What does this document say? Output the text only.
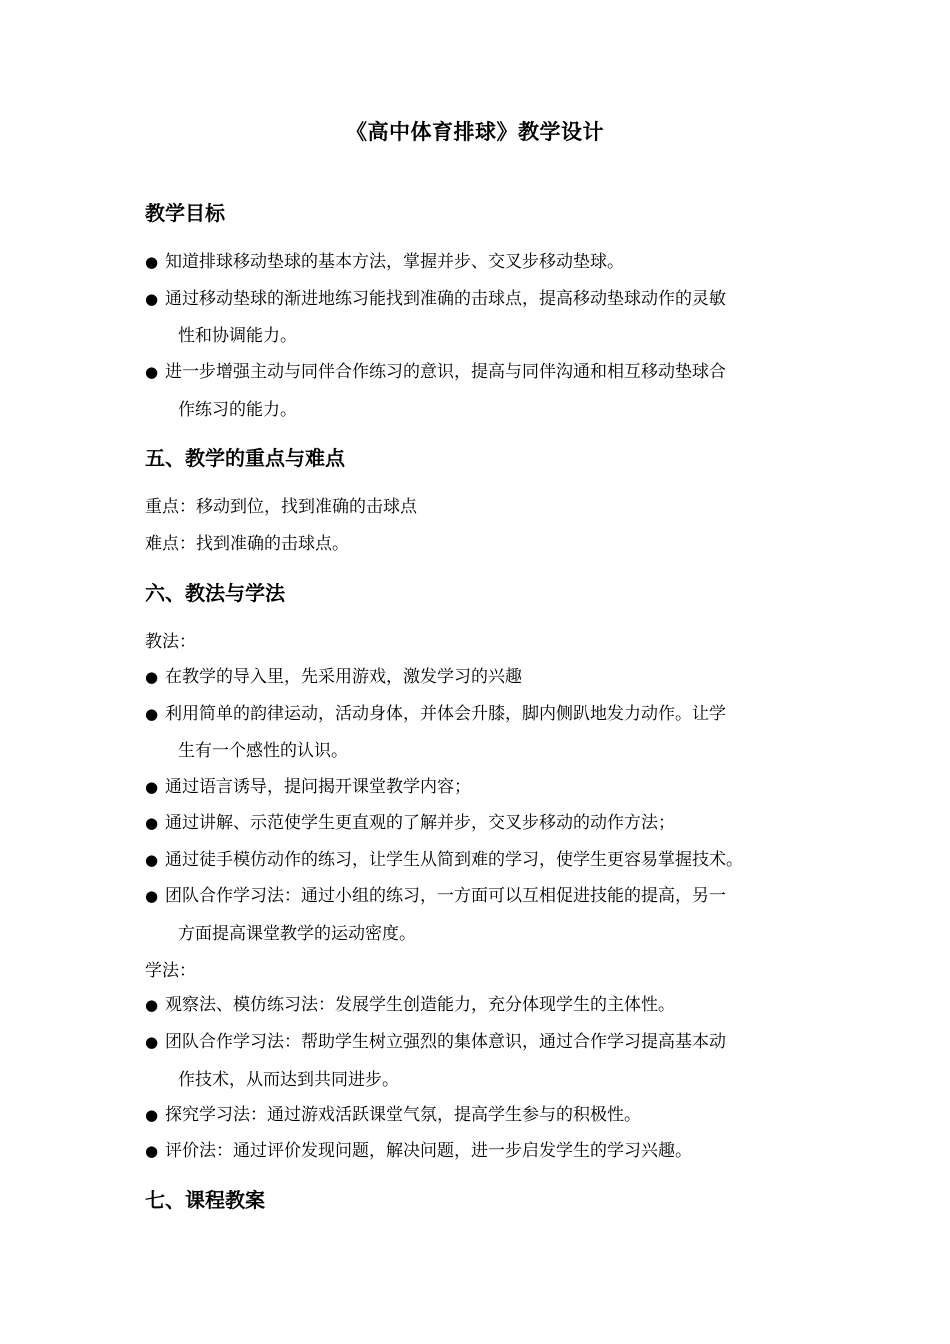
《高中体育排球》教学设计
教学目标
● 知道排球移动垫球的基本方法，掌握并步、交叉步移动垫球。
● 通过移动垫球的渐进地练习能找到准确的击球点，提高移动垫球动作的灵敏
性和协调能力。
● 进一步增强主动与同伴合作练习的意识，提高与同伴沟通和相互移动垫球合
作练习的能力。
五、教学的重点与难点
重点：移动到位，找到准确的击球点
难点：找到准确的击球点。
六、教法与学法
教法：
● 在教学的导入里，先采用游戏，激发学习的兴趣
● 利用简单的韵律运动，活动身体，并体会升膝，脚内侧趴地发力动作。让学
生有一个感性的认识。
● 通过语言诱导，提问揭开课堂教学内容；
● 通过讲解、示范使学生更直观的了解并步，交叉步移动的动作方法；
● 通过徒手模仿动作的练习，让学生从简到难的学习，使学生更容易掌握技术。
● 团队合作学习法：通过小组的练习，一方面可以互相促进技能的提高，另一
方面提高课堂教学的运动密度。
学法：
● 观察法、模仿练习法：发展学生创造能力，充分体现学生的主体性。
● 团队合作学习法：帮助学生树立强烈的集体意识，通过合作学习提高基本动
作技术，从而达到共同进步。
● 探究学习法：通过游戏活跃课堂气氛，提高学生参与的积极性。
● 评价法：通过评价发现问题，解决问题，进一步启发学生的学习兴趣。
七、课程教案
